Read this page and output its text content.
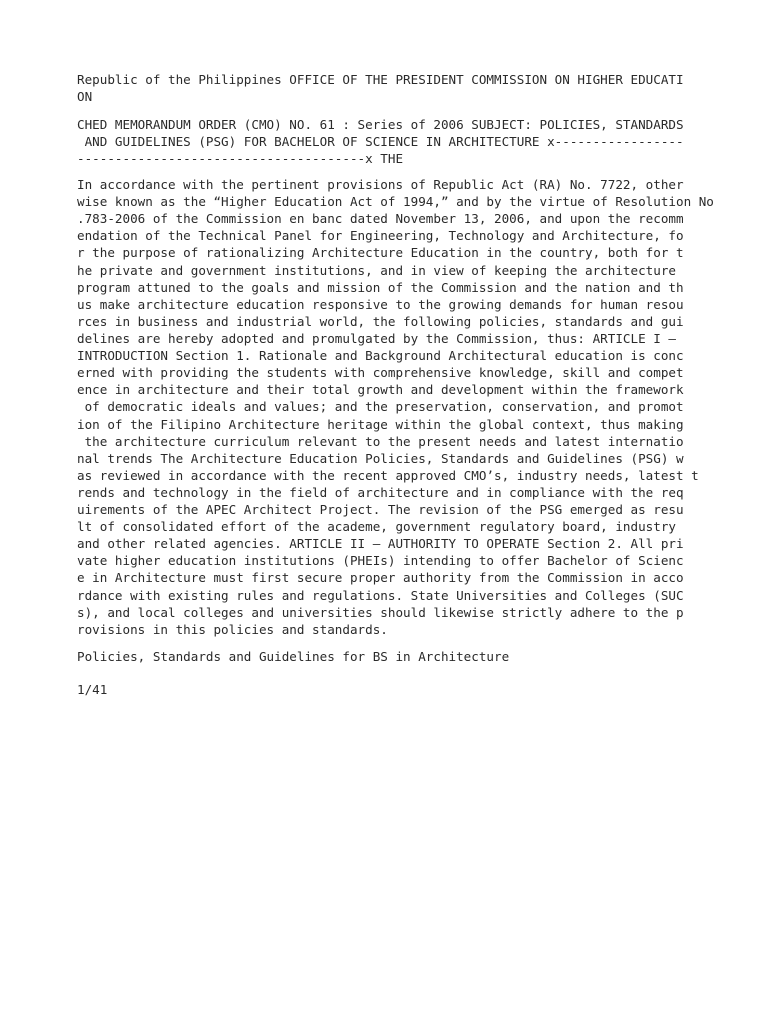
Republic of the Philippines OFFICE OF THE PRESIDENT COMMISSION ON HIGHER EDUCATI
ON
CHED MEMORANDUM ORDER (CMO) NO. 61 : Series of 2006 SUBJECT: POLICIES, STANDARDS
AND GUIDELINES (PSG) FOR BACHELOR OF SCIENCE IN ARCHITECTURE x-----------------
--------------------------------------x THE
In accordance with the pertinent provisions of Republic Act (RA) No. 7722, other
wise known as the “Higher Education Act of 1994,” and by the virtue of Resolution No
.783-2006 of the Commission en banc dated November 13, 2006, and upon the recomm
endation of the Technical Panel for Engineering, Technology and Architecture, fo
r the purpose of rationalizing Architecture Education in the country, both for t
he private and government institutions, and in view of keeping the architecture
program attuned to the goals and mission of the Commission and the nation and th
us make architecture education responsive to the growing demands for human resou
rces in business and industrial world, the following policies, standards and gui
delines are hereby adopted and promulgated by the Commission, thus: ARTICLE I –
INTRODUCTION Section 1. Rationale and Background Architectural education is conc
erned with providing the students with comprehensive knowledge, skill and compet
ence in architecture and their total growth and development within the framework
of democratic ideals and values; and the preservation, conservation, and promot
ion of the Filipino Architecture heritage within the global context, thus making
the architecture curriculum relevant to the present needs and latest internatio
nal trends The Architecture Education Policies, Standards and Guidelines (PSG) w
as reviewed in accordance with the recent approved CMO’s, industry needs, latest t
rends and technology in the field of architecture and in compliance with the req
uirements of the APEC Architect Project. The revision of the PSG emerged as resu
lt of consolidated effort of the academe, government regulatory board, industry
and other related agencies. ARTICLE II – AUTHORITY TO OPERATE Section 2. All pri
vate higher education institutions (PHEIs) intending to offer Bachelor of Scienc
e in Architecture must first secure proper authority from the Commission in acco
rdance with existing rules and regulations. State Universities and Colleges (SUC
s), and local colleges and universities should likewise strictly adhere to the p
rovisions in this policies and standards.
Policies, Standards and Guidelines for BS in Architecture
1/41
